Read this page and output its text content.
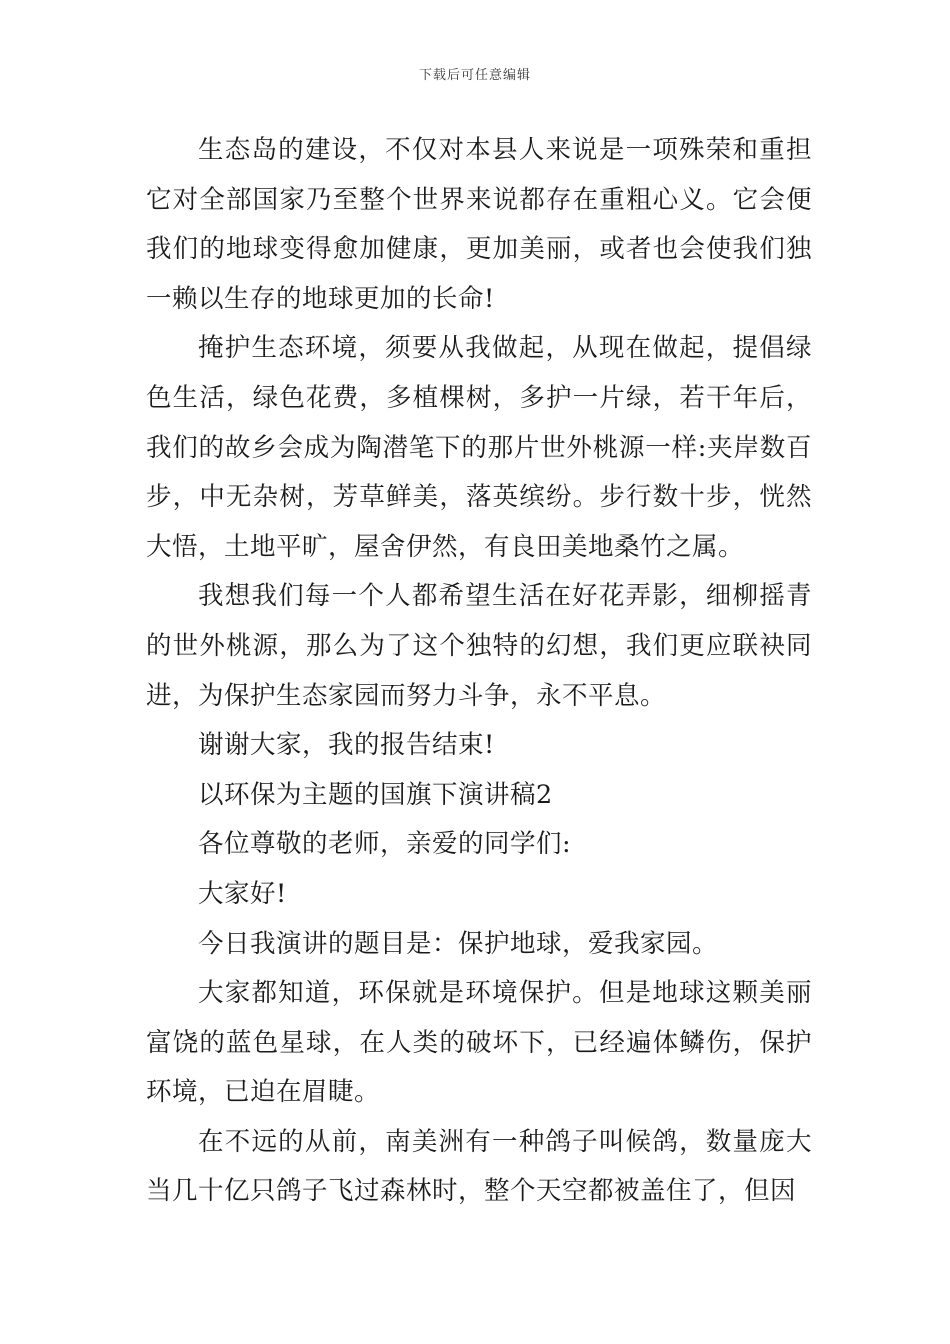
下载后可任意编辑

生态岛的建设，不仅对本县人来说是一项殊荣和重担它对全部国家乃至整个世界来说都存在重粗心义。它会便我们的地球变得愈加健康，更加美丽，或者也会使我们独一赖以生存的地球更加的长命!

掩护生态环境，须要从我做起，从现在做起，提倡绿色生活，绿色花费，多植棵树，多护一片绿，若干年后，我们的故乡会成为陶潜笔下的那片世外桃源一样:夹岸数百步，中无杂树，芳草鲜美，落英缤纷。步行数十步，恍然大悟，土地平旷，屋舍伊然，有良田美地桑竹之属。

我想我们每一个人都希望生活在好花弄影，细柳摇青的世外桃源，那么为了这个独特的幻想，我们更应联袂同进，为保护生态家园而努力斗争，永不平息。

谢谢大家，我的报告结束!

以环保为主题的国旗下演讲稿2

各位尊敬的老师，亲爱的同学们:

大家好!

今日我演讲的题目是：保护地球，爱我家园。

大家都知道，环保就是环境保护。但是地球这颗美丽富饶的蓝色星球，在人类的破坏下，已经遍体鳞伤，保护环境，已迫在眉睫。

在不远的从前，南美洲有一种鸽子叫候鸽，数量庞大当几十亿只鸽子飞过森林时，整个天空都被盖住了，但因
